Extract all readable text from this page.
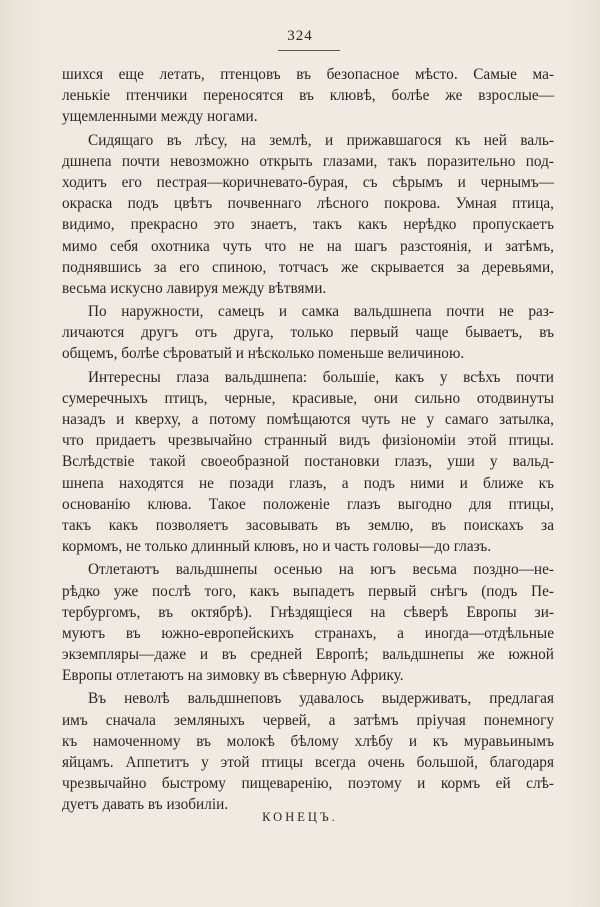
324
шихся еще летать, птенцовъ въ безопасное мѣсто. Самые ма-
ленькіе птенчики переносятся въ клювѣ, болѣе же взрослые—
ущемленными между ногами.
Сидящаго въ лѣсу, на землѣ, и прижавшагося къ ней валь-
дшнепа почти невозможно открыть глазами, такъ поразительно под-
ходитъ его пестрая—коричневато-бурая, съ сѣрымъ и чернымъ—
окраска подъ цвѣтъ почвеннаго лѣсного покрова. Умная птица,
видимо, прекрасно это знаетъ, такъ какъ нерѣдко пропускаетъ
мимо себя охотника чуть что не на шагъ разстоянія, и затѣмъ,
поднявшись за его спиною, тотчасъ же скрывается за деревьями,
весьма искусно лавируя между вѣтвями.
По наружности, самецъ и самка вальдшнепа почти не раз-
личаются другъ отъ друга, только первый чаще бываетъ, въ
общемъ, болѣе сѣроватый и нѣсколько поменьше величиною.
Интересны глаза вальдшнепа: большіе, какъ у всѣхъ почти
сумеречныхъ птицъ, черные, красивые, они сильно отодвинуты
назадъ и кверху, а потому помѣщаются чуть не у самаго затылка,
что придаетъ чрезвычайно странный видъ физіономіи этой птицы.
Вслѣдствіе такой своеобразной постановки глазъ, уши у вальд-
шнепа находятся не позади глазъ, а подъ ними и ближе къ
основанію клюва. Такое положеніе глазъ выгодно для птицы,
такъ какъ позволяетъ засовывать въ землю, въ поискахъ за
кормомъ, не только длинный клювъ, но и часть головы—до глазъ.
Отлетаютъ вальдшнепы осенью на югъ весьма поздно—не-
рѣдко уже послѣ того, какъ выпадетъ первый снѣгъ (подъ Пе-
тербургомъ, въ октябрѣ). Гнѣздящіеся на сѣверѣ Европы зи-
муютъ въ южно-европейскихъ странахъ, а иногда—отдѣльные
экземпляры—даже и въ средней Европѣ; вальдшнепы же южной
Европы отлетаютъ на зимовку въ сѣверную Африку.
Въ неволѣ вальдшнеповъ удавалось выдерживать, предлагая
имъ сначала земляныхъ червей, а затѣмъ пріучая понемногу
къ намоченному въ молокѣ бѣлому хлѣбу и къ муравьинымъ
яйцамъ. Аппетитъ у этой птицы всегда очень большой, благодаря
чрезвычайно быстрому пищеваренію, поэтому и кормъ ей слѣ-
дуетъ давать въ изобиліи.
КОНЕЦЪ.
